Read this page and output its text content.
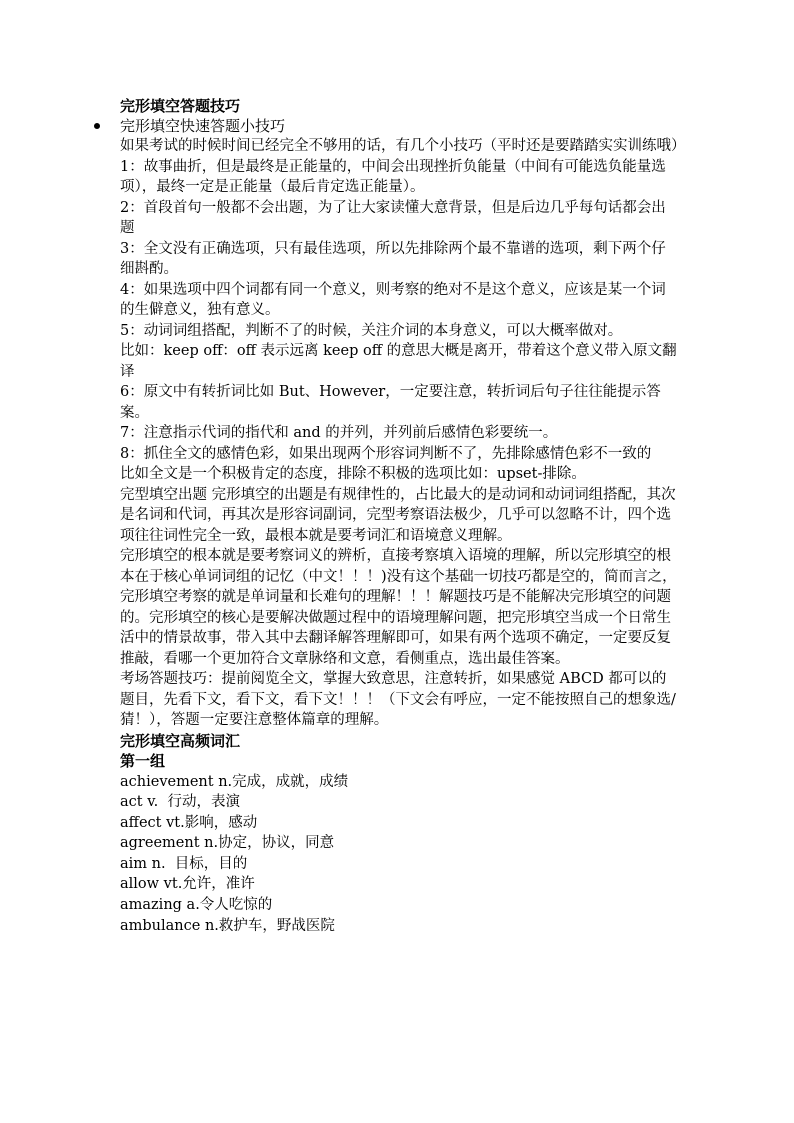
完形填空答题技巧
完形填空快速答题小技巧

如果考试的时候时间已经完全不够用的话，有几个小技巧（平时还是要踏踏实实训练哦）

1：故事曲折，但是最终是正能量的，中间会出现挫折负能量（中间有可能选负能量选项），最终一定是正能量（最后肯定选正能量）。

2：首段首句一般都不会出题，为了让大家读懂大意背景，但是后边几乎每句话都会出题

3：全文没有正确选项，只有最佳选项，所以先排除两个最不靠谱的选项，剩下两个仔细斟酌。

4：如果选项中四个词都有同一个意义，则考察的绝对不是这个意义，应该是某一个词的生僻意义，独有意义。

5：动词词组搭配，判断不了的时候，关注介词的本身意义，可以大概率做对。

比如：keep off：off 表示远离 keep off 的意思大概是离开，带着这个意义带入原文翻译

6：原文中有转折词比如 But、However，一定要注意，转折词后句子往往能提示答案。

7：注意指示代词的指代和 and 的并列，并列前后感情色彩要统一。

8：抓住全文的感情色彩，如果出现两个形容词判断不了，先排除感情色彩不一致的

比如全文是一个积极肯定的态度，排除不积极的选项比如：upset-排除。

完型填空出题 完形填空的出题是有规律性的，占比最大的是动词和动词词组搭配，其次是名词和代词，再其次是形容词副词，完型考察语法极少，几乎可以忽略不计，四个选项往往词性完全一致，最根本就是要考词汇和语境意义理解。

完形填空的根本就是要考察词义的辨析，直接考察填入语境的理解，所以完形填空的根本在于核心单词词组的记忆（中文！！！)没有这个基础一切技巧都是空的，简而言之，完形填空考察的就是单词量和长难句的理解！！！解题技巧是不能解决完形填空的问题的。完形填空的核心是要解决做题过程中的语境理解问题，把完形填空当成一个日常生活中的情景故事，带入其中去翻译解答理解即可，如果有两个选项不确定，一定要反复推敲，看哪一个更加符合文章脉络和文意，看侧重点，选出最佳答案。

考场答题技巧：提前阅览全文，掌握大致意思，注意转折，如果感觉 ABCD 都可以的题目，先看下文，看下文，看下文！！！（下文会有呼应，一定不能按照自己的想象选/猜！），答题一定要注意整体篇章的理解。

完形填空高频词汇

第一组

achievement n.完成，成就，成绩

act v.  行动，表演

affect vt.影响，感动

agreement n.协定，协议，同意

aim n.  目标，目的

allow vt.允许，准许

amazing a.令人吃惊的

ambulance n.救护车，野战医院
